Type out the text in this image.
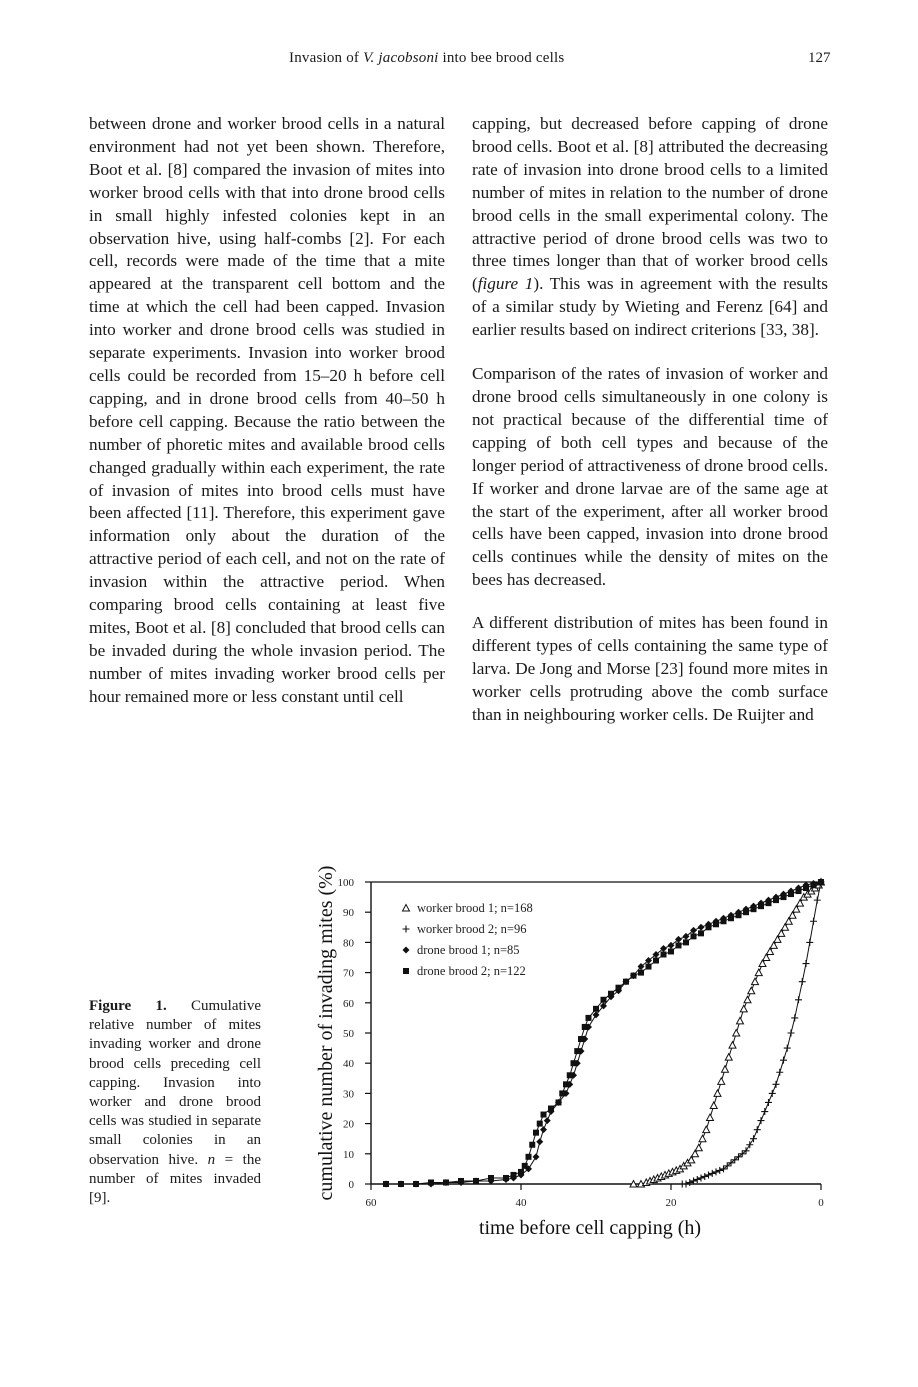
Invasion of V. jacobsoni into bee brood cells	127

between drone and worker brood cells in a natural environment had not yet been shown. Therefore, Boot et al. [8] compared the invasion of mites into worker brood cells with that into drone brood cells in small highly infested colonies kept in an observation hive, using half-combs [2]. For each cell, records were made of the time that a mite appeared at the transparent cell bottom and the time at which the cell had been capped. Invasion into worker and drone brood cells was studied in separate experiments. Invasion into worker brood cells could be recorded from 15–20 h before cell capping, and in drone brood cells from 40–50 h before cell capping. Because the ratio between the number of phoretic mites and available brood cells changed gradually within each experiment, the rate of invasion of mites into brood cells must have been affected [11]. Therefore, this experiment gave information only about the duration of the attractive period of each cell, and not on the rate of invasion within the attractive period. When comparing brood cells containing at least five mites, Boot et al. [8] concluded that brood cells can be invaded during the whole invasion period. The number of mites invading worker brood cells per hour remained more or less constant until cell

capping, but decreased before capping of drone brood cells. Boot et al. [8] attributed the decreasing rate of invasion into drone brood cells to a limited number of mites in relation to the number of drone brood cells in the small experimental colony. The attractive period of drone brood cells was two to three times longer than that of worker brood cells (figure 1). This was in agreement with the results of a similar study by Wieting and Ferenz [64] and earlier results based on indirect criterions [33, 38].

Comparison of the rates of invasion of worker and drone brood cells simultaneously in one colony is not practical because of the differential time of capping of both cell types and because of the longer period of attractiveness of drone brood cells. If worker and drone larvae are of the same age at the start of the experiment, after all worker brood cells have been capped, invasion into drone brood cells continues while the density of mites on the bees has decreased.

A different distribution of mites has been found in different types of cells containing the same type of larva. De Jong and Morse [23] found more mites in worker cells protruding above the comb surface than in neighbouring worker cells. De Ruijter and

Figure 1. Cumulative relative number of mites invading worker and drone brood cells preceding cell capping. Invasion into worker and drone brood cells was studied in separate small colonies in an observation hive. n = the number of mites invaded [9].
0
10
20
30
40
50
60
70
80
90
100
60	40	20	0
worker brood 1; n=168
worker brood 2; n=96
drone brood 1; n=85
drone brood 2; n=122
time before cell capping (h)
cumulative number of invading mites (%)
